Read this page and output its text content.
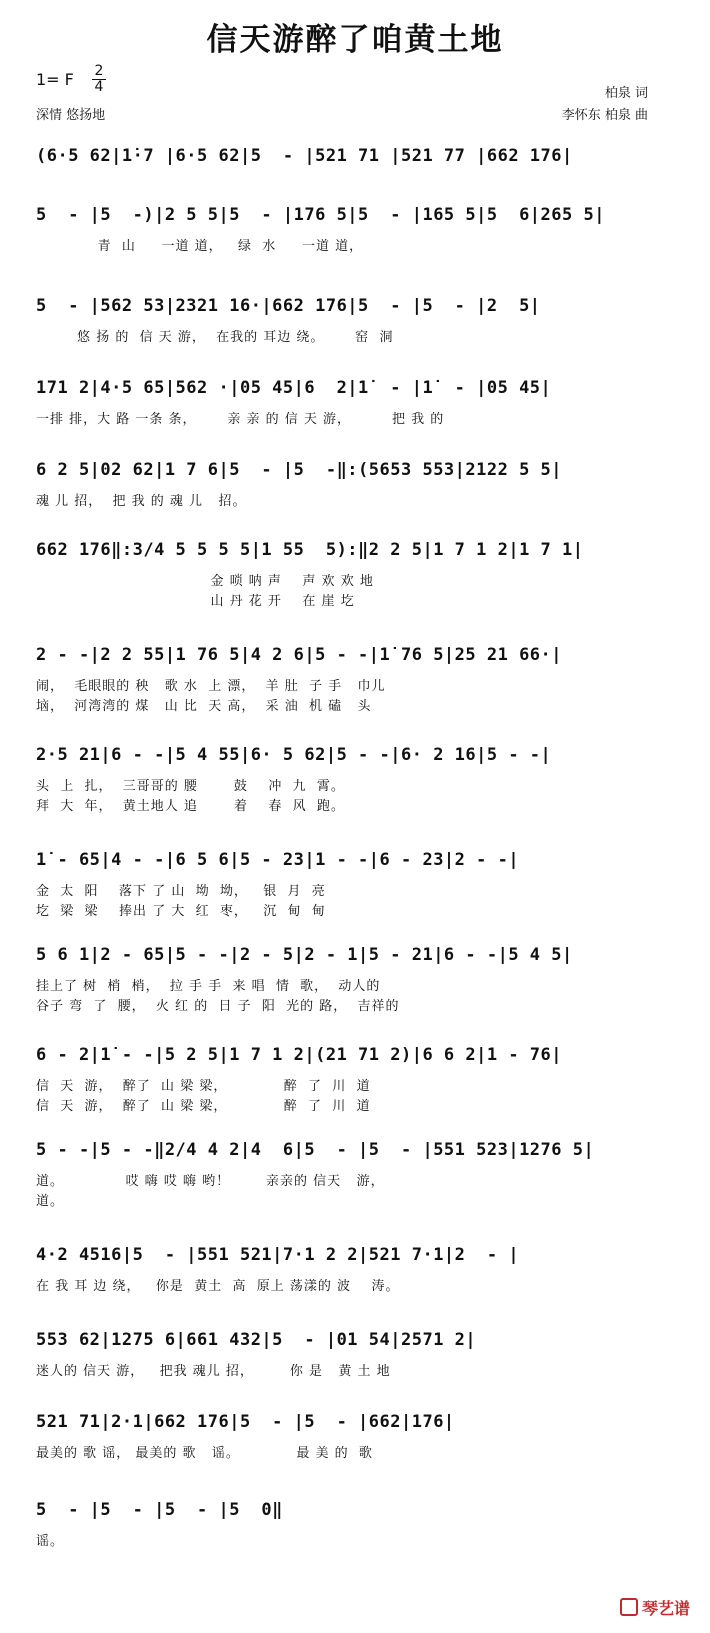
信天游醉了咱黄土地
1= F $\frac{2}{4}$
深情 悠扬地
柏泉 词
李怀东 柏泉 曲
(6·5 62|1̇·7 |6·5 62|5  - |521 71 |521 77 |662 176|
5  - |5  -)|2 5 5|5  - |176 5|5  - |165 5|5  6|265 5|
青  山     一道 道，   绿  水     一道 道，
5  - |562 53|2321 16·|662 176|5  - |5  - |2  5|
悠 扬 的  信 天 游，  在我的 耳边 绕。      窑  洞
171 2|4·5 65|562 ·|05 45|6  2|1̇  - |1̇  - |05 45|
一排 排，大 路 一条 条，      亲 亲 的 信 天 游，        把 我 的
6 2 5|02 62|1 7 6|5  - |5  -‖:(5653 553|2122 5 5|
魂 儿 招，  把 我 的 魂 儿   招。
662 176‖:3/4 5 5 5 5|1 55  5):‖2 2 5|1 7 1 2|1 7 1|
金 唢 呐 声    声 欢 欢 地
山 丹 花 开    在 崖 圪
2 - -|2 2 55|1 76 5|4 2 6|5 - -|1̇ 76 5|25 21 66·|
闹，  毛眼眼的 秧   歌 水  上 漂，  羊 肚  子 手   巾儿
垴，  河湾湾的 煤   山 比  天 高，  采 油  机 磕   头
2·5 21|6 - -|5 4 55|6· 5 62|5 - -|6· 2 16|5 - -|
头  上  扎，  三哥哥的 腰       鼓    冲  九  霄。
拜  大  年，  黄土地人 追       着    春  风  跑。
1̇ - 65|4 - -|6 5 6|5 - 23|1 - -|6 - 23|2 - -|
金  太  阳    落下 了 山  坳  坳，   银  月  亮
圪  梁  梁    捧出 了 大  红  枣，   沉  甸  甸
5 6 1|2 - 65|5 - -|2 - 5|2 - 1|5 - 21|6 - -|5 4 5|
挂上了 树  梢  梢，  拉 手 手  来 唱  情  歌，  动人的
谷子 弯  了  腰，  火 红 的  日 子  阳  光的 路，  吉祥的
6 - 2|1̇ - -|5 2 5|1 7 1 2|(21 71 2)|6 6 2|1 - 76|
信  天  游，  醉了  山 梁 梁，           醉  了  川  道
信  天  游，  醉了  山 梁 梁，           醉  了  川  道
5 - -|5 - -‖2/4 4 2|4  6|5  - |5  - |551 523|1276 5|
道。            哎 嗨 哎 嗨 哟！       亲亲的 信天   游，
道。
4·2 4516|5  - |551 521|7·1 2 2|521 7·1|2  - |
在 我 耳 边 绕，   你是  黄土  高  原上 荡漾的 波    涛。
553 62|1275 6|661 432|5  - |01 54|2571 2|
迷人的 信天 游，   把我 魂儿 招，       你 是   黄 土 地
521 71|2·1|662 176|5  - |5  - |662|176|
最美的 歌 谣， 最美的 歌   谣。           最 美 的  歌
5  - |5  - |5  - |5  0‖
谣。
琴艺谱
